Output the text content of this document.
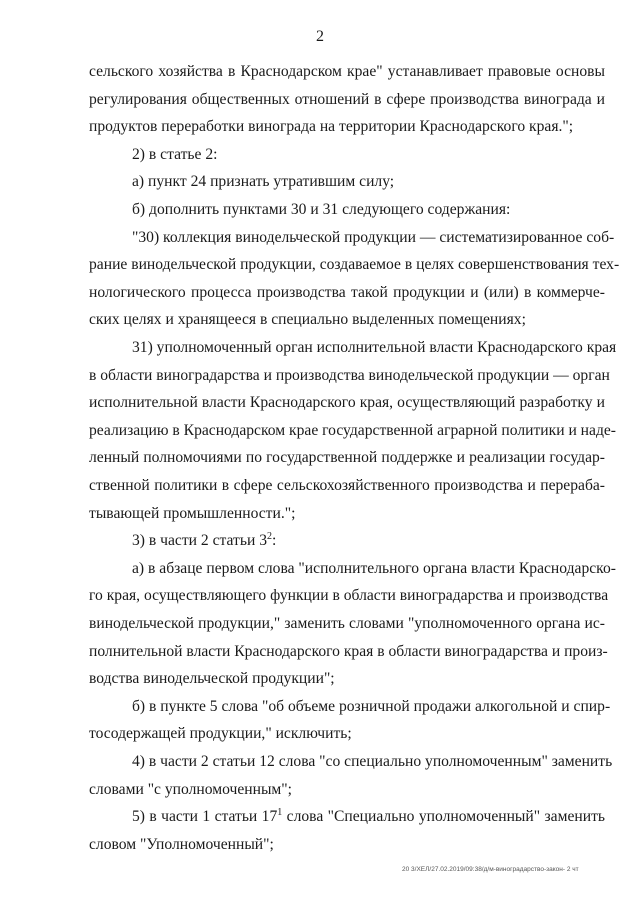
2
сельского хозяйства в Краснодарском крае" устанавливает правовые основы
регулирования общественных отношений в сфере производства винограда и
продуктов переработки винограда на территории Краснодарского края.";
2) в статье 2:
а) пункт 24 признать утратившим силу;
б) дополнить пунктами 30 и 31 следующего содержания:
"30) коллекция винодельческой продукции — систематизированное соб-
рание винодельческой продукции, создаваемое в целях совершенствования тех-
нологического процесса производства такой продукции и (или) в коммерче-
ских целях и хранящееся в специально выделенных помещениях;
31) уполномоченный орган исполнительной власти Краснодарского края
в области виноградарства и производства винодельческой продукции — орган
исполнительной власти Краснодарского края, осуществляющий разработку и
реализацию в Краснодарском крае государственной аграрной политики и наде-
ленный полномочиями по государственной поддержке и реализации государ-
ственной политики в сфере сельскохозяйственного производства и перераба-
тывающей промышленности.";
3) в части 2 статьи $3^2$:
а) в абзаце первом слова "исполнительного органа власти Краснодарско-
го края, осуществляющего функции в области виноградарства и производства
винодельческой продукции," заменить словами "уполномоченного органа ис-
полнительной власти Краснодарского края в области виноградарства и произ-
водства винодельческой продукции";
б) в пункте 5 слова "об объеме розничной продажи алкогольной и спир-
тосодержащей продукции," исключить;
4) в части 2 статьи 12 слова "со специально уполномоченным" заменить
словами "с уполномоченным";
5) в части 1 статьи $17^1$ слова "Специально уполномоченный" заменить
словом "Уполномоченный";
20 3/ХЕЛ/27.02.2019/09:38/д/м-виноградарство-закон- 2 чт
